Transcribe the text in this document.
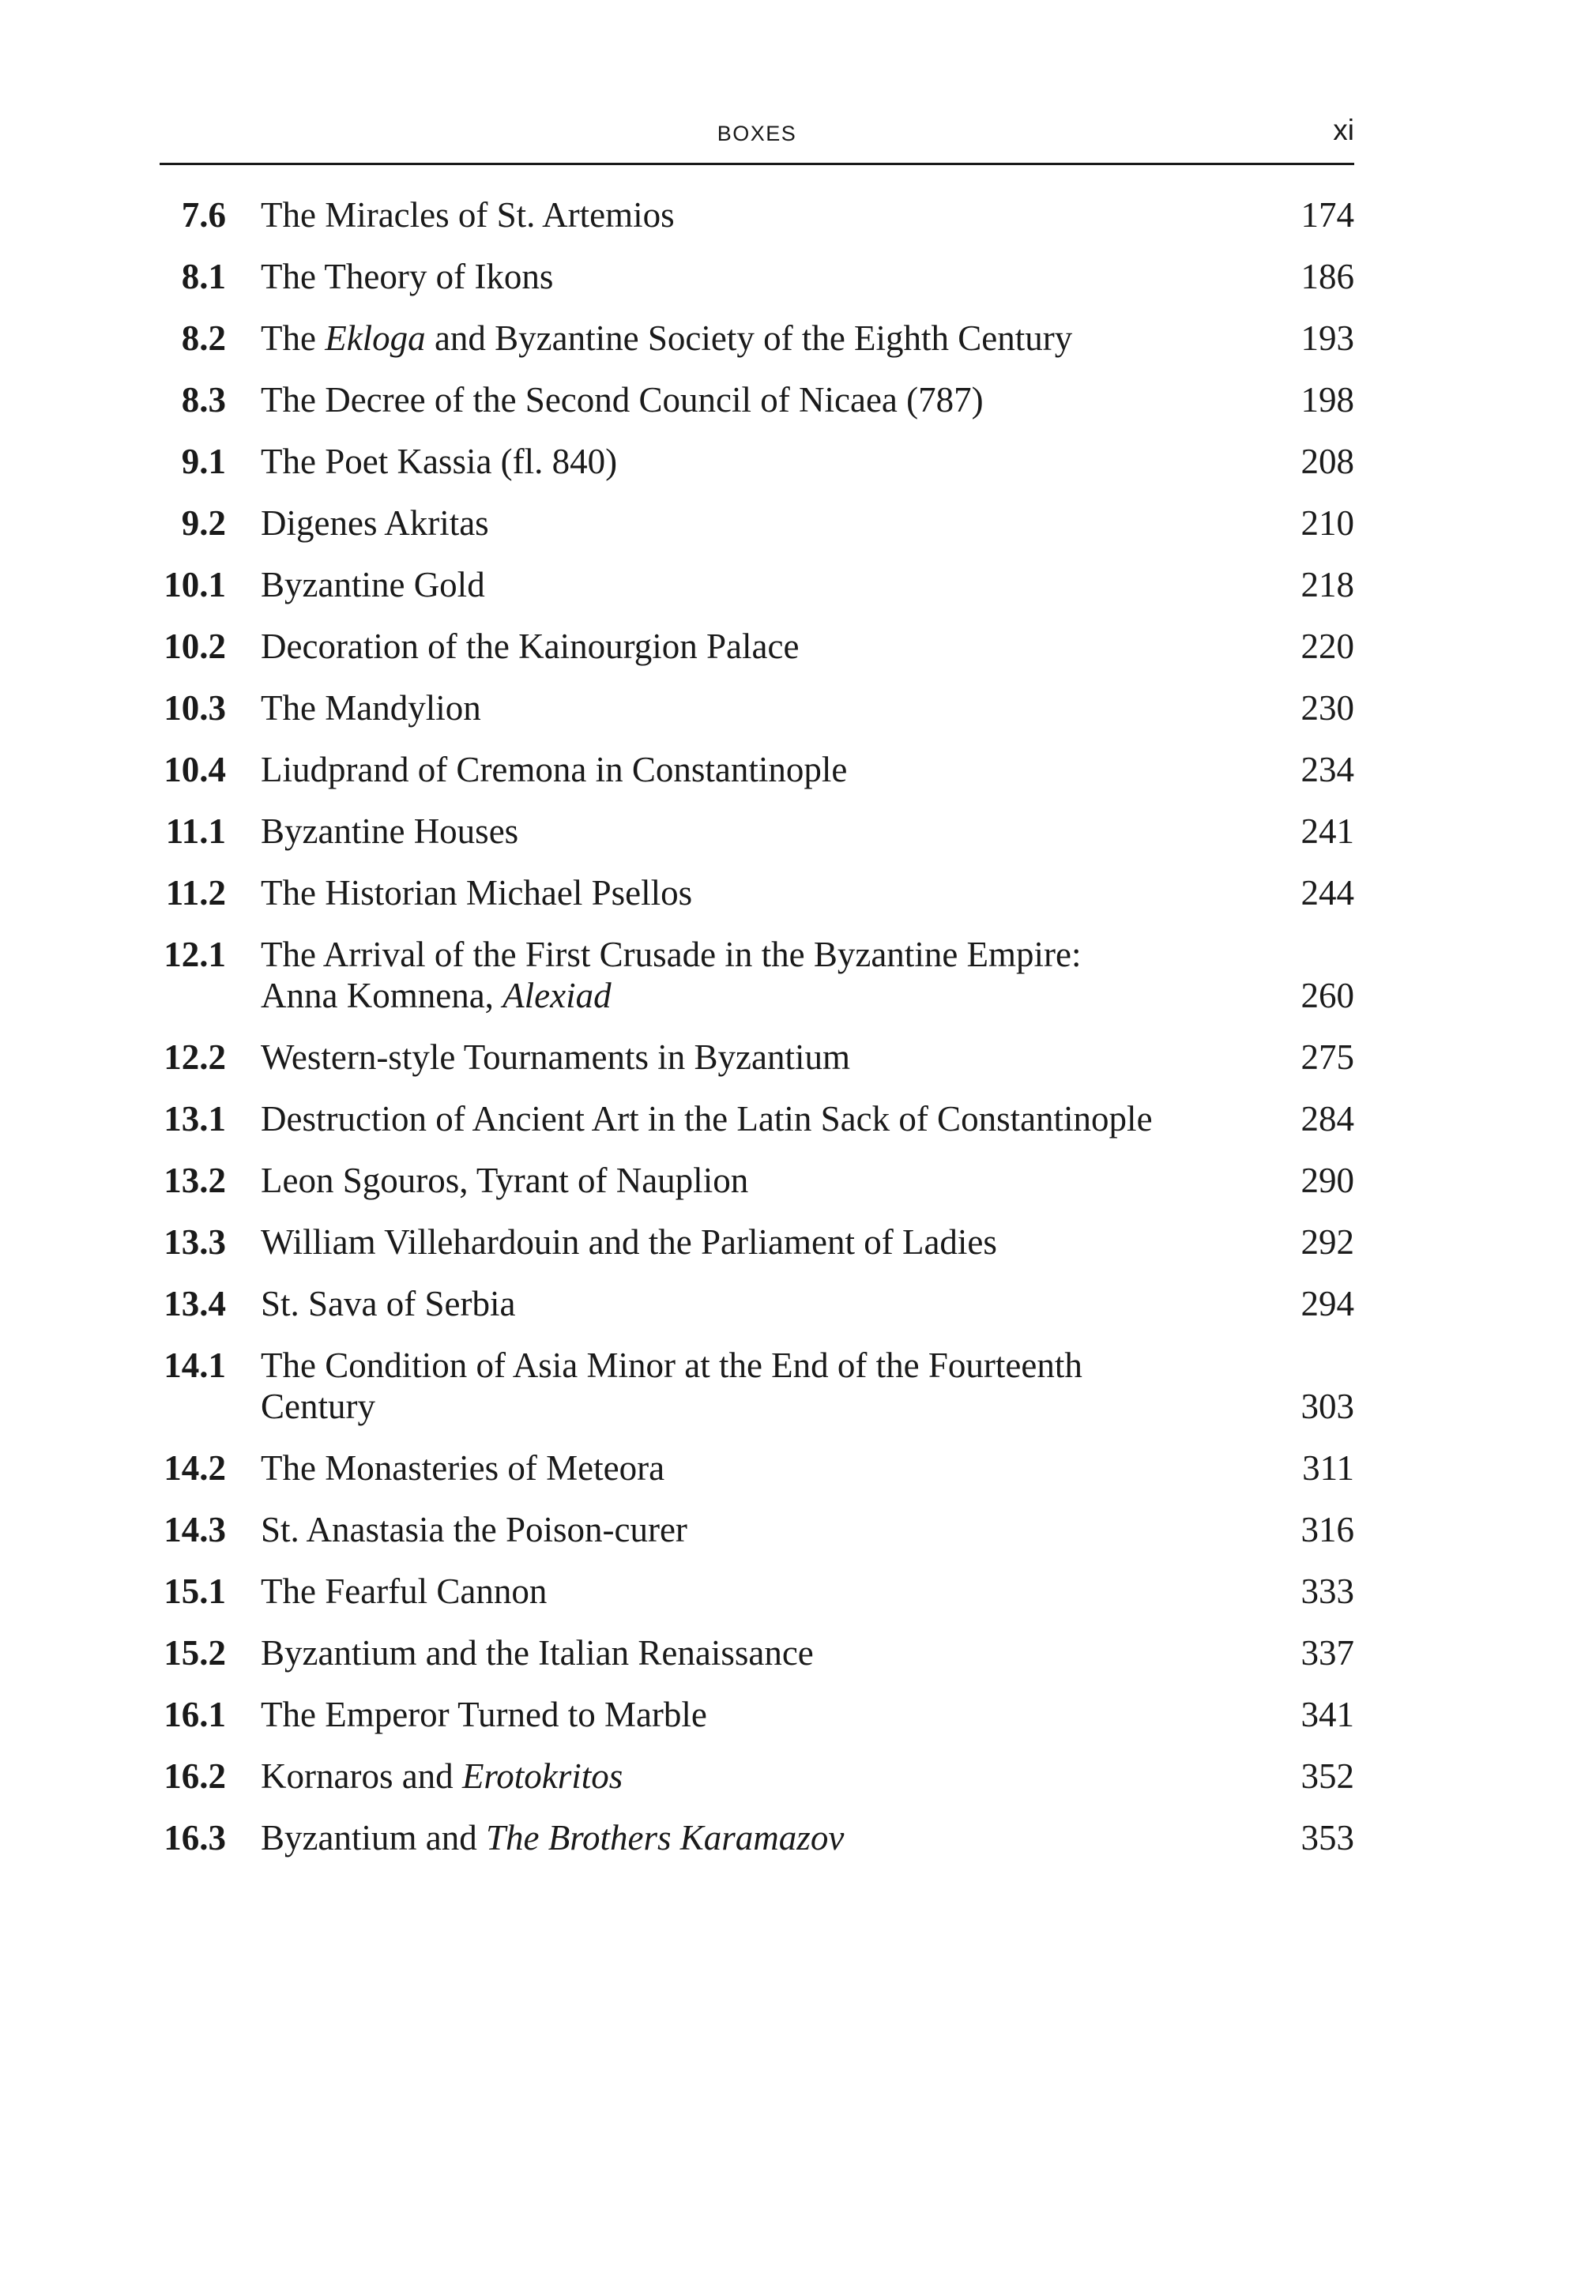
BOXES	xi
7.6 The Miracles of St. Artemios	174
8.1 The Theory of Ikons	186
8.2 The Ekloga and Byzantine Society of the Eighth Century	193
8.3 The Decree of the Second Council of Nicaea (787)	198
9.1 The Poet Kassia (fl. 840)	208
9.2 Digenes Akritas	210
10.1 Byzantine Gold	218
10.2 Decoration of the Kainourgion Palace	220
10.3 The Mandylion	230
10.4 Liudprand of Cremona in Constantinople	234
11.1 Byzantine Houses	241
11.2 The Historian Michael Psellos	244
12.1 The Arrival of the First Crusade in the Byzantine Empire:
Anna Komnena, Alexiad	260
12.2 Western-style Tournaments in Byzantium	275
13.1 Destruction of Ancient Art in the Latin Sack of Constantinople	284
13.2 Leon Sgouros, Tyrant of Nauplion	290
13.3 William Villehardouin and the Parliament of Ladies	292
13.4 St. Sava of Serbia	294
14.1 The Condition of Asia Minor at the End of the Fourteenth
Century	303
14.2 The Monasteries of Meteora	311
14.3 St. Anastasia the Poison-curer	316
15.1 The Fearful Cannon	333
15.2 Byzantium and the Italian Renaissance	337
16.1 The Emperor Turned to Marble	341
16.2 Kornaros and Erotokritos	352
16.3 Byzantium and The Brothers Karamazov	353
